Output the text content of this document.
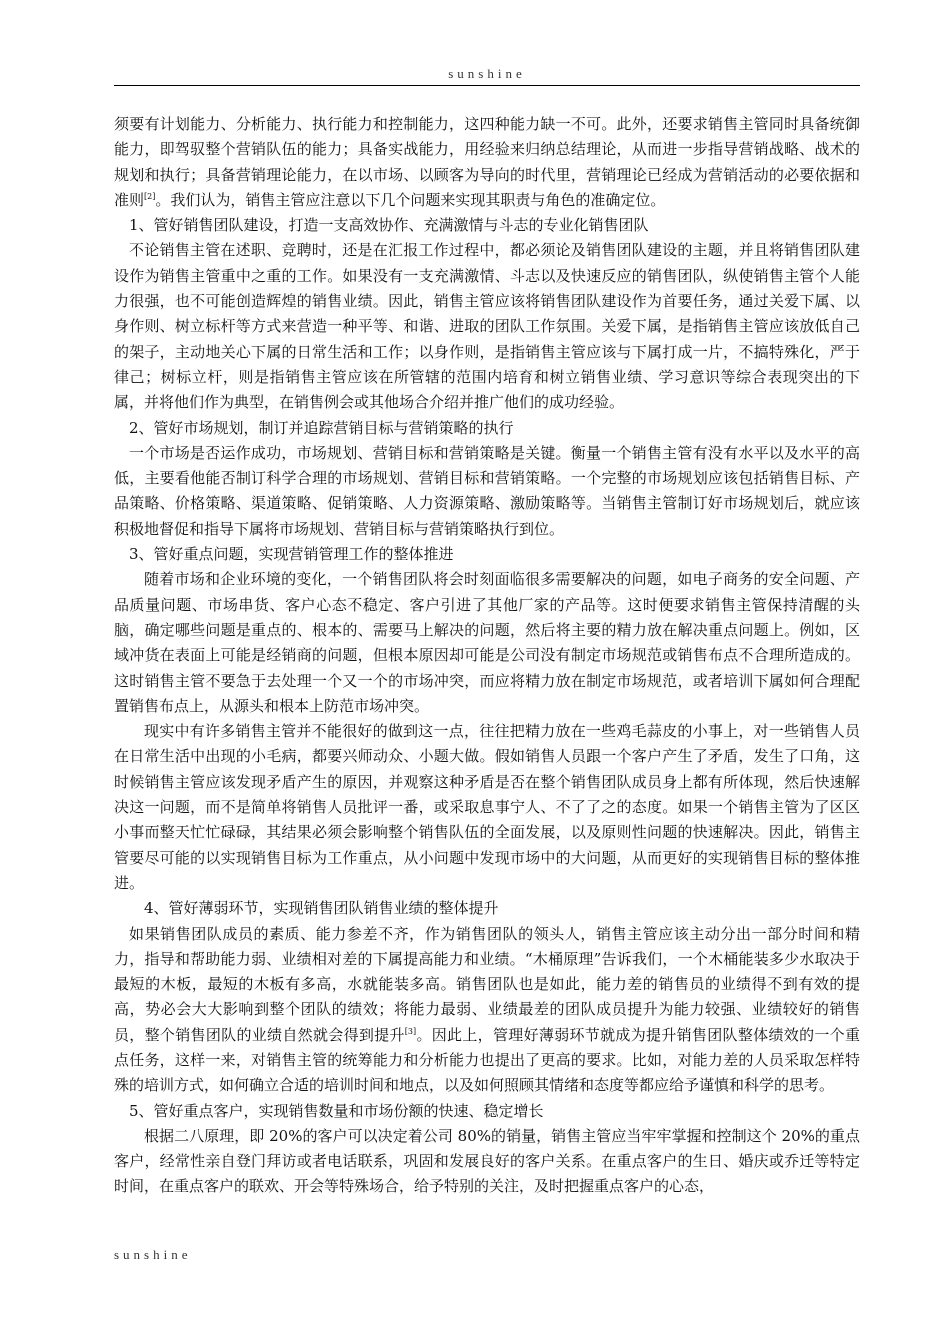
sunshine

须要有计划能力、分析能力、执行能力和控制能力，这四种能力缺一不可。此外，还要求销售主管同时具备统御能力，即驾驭整个营销队伍的能力；具备实战能力，用经验来归纳总结理论，从而进一步指导营销战略、战术的规划和执行；具备营销理论能力，在以市场、以顾客为导向的时代里，营销理论已经成为营销活动的必要依据和准则[2]。我们认为，销售主管应注意以下几个问题来实现其职责与角色的准确定位。

1、管好销售团队建设，打造一支高效协作、充满激情与斗志的专业化销售团队

不论销售主管在述职、竞聘时，还是在汇报工作过程中，都必须论及销售团队建设的主题，并且将销售团队建设作为销售主管重中之重的工作。如果没有一支充满激情、斗志以及快速反应的销售团队，纵使销售主管个人能力很强，也不可能创造辉煌的销售业绩。因此，销售主管应该将销售团队建设作为首要任务，通过关爱下属、以身作则、树立标杆等方式来营造一种平等、和谐、进取的团队工作氛围。关爱下属，是指销售主管应该放低自己的架子，主动地关心下属的日常生活和工作；以身作则，是指销售主管应该与下属打成一片，不搞特殊化，严于律己；树标立杆，则是指销售主管应该在所管辖的范围内培育和树立销售业绩、学习意识等综合表现突出的下属，并将他们作为典型，在销售例会或其他场合介绍并推广他们的成功经验。

2、管好市场规划，制订并追踪营销目标与营销策略的执行

一个市场是否运作成功，市场规划、营销目标和营销策略是关键。衡量一个销售主管有没有水平以及水平的高低，主要看他能否制订科学合理的市场规划、营销目标和营销策略。一个完整的市场规划应该包括销售目标、产品策略、价格策略、渠道策略、促销策略、人力资源策略、激励策略等。当销售主管制订好市场规划后，就应该积极地督促和指导下属将市场规划、营销目标与营销策略执行到位。

3、管好重点问题，实现营销管理工作的整体推进

随着市场和企业环境的变化，一个销售团队将会时刻面临很多需要解决的问题，如电子商务的安全问题、产品质量问题、市场串货、客户心态不稳定、客户引进了其他厂家的产品等。这时便要求销售主管保持清醒的头脑，确定哪些问题是重点的、根本的、需要马上解决的问题，然后将主要的精力放在解决重点问题上。例如，区域冲货在表面上可能是经销商的问题，但根本原因却可能是公司没有制定市场规范或销售布点不合理所造成的。这时销售主管不要急于去处理一个又一个的市场冲突，而应将精力放在制定市场规范，或者培训下属如何合理配置销售布点上，从源头和根本上防范市场冲突。

现实中有许多销售主管并不能很好的做到这一点，往往把精力放在一些鸡毛蒜皮的小事上，对一些销售人员在日常生活中出现的小毛病，都要兴师动众、小题大做。假如销售人员跟一个客户产生了矛盾，发生了口角，这时候销售主管应该发现矛盾产生的原因，并观察这种矛盾是否在整个销售团队成员身上都有所体现，然后快速解决这一问题，而不是简单将销售人员批评一番，或采取息事宁人、不了了之的态度。如果一个销售主管为了区区小事而整天忙忙碌碌，其结果必须会影响整个销售队伍的全面发展，以及原则性问题的快速解决。因此，销售主管要尽可能的以实现销售目标为工作重点，从小问题中发现市场中的大问题，从而更好的实现销售目标的整体推进。

4、管好薄弱环节，实现销售团队销售业绩的整体提升

如果销售团队成员的素质、能力参差不齐，作为销售团队的领头人，销售主管应该主动分出一部分时间和精力，指导和帮助能力弱、业绩相对差的下属提高能力和业绩。“木桶原理”告诉我们，一个木桶能装多少水取决于最短的木板，最短的木板有多高，水就能装多高。销售团队也是如此，能力差的销售员的业绩得不到有效的提高，势必会大大影响到整个团队的绩效；将能力最弱、业绩最差的团队成员提升为能力较强、业绩较好的销售员，整个销售团队的业绩自然就会得到提升[3]。因此上，管理好薄弱环节就成为提升销售团队整体绩效的一个重点任务，这样一来，对销售主管的统筹能力和分析能力也提出了更高的要求。比如，对能力差的人员采取怎样特殊的培训方式，如何确立合适的培训时间和地点，以及如何照顾其情绪和态度等都应给予谨慎和科学的思考。

5、管好重点客户，实现销售数量和市场份额的快速、稳定增长

根据二八原理，即 20%的客户可以决定着公司 80%的销量，销售主管应当牢牢掌握和控制这个 20%的重点客户，经常性亲自登门拜访或者电话联系，巩固和发展良好的客户关系。在重点客户的生日、婚庆或乔迁等特定时间，在重点客户的联欢、开会等特殊场合，给予特别的关注，及时把握重点客户的心态，

sunshine
